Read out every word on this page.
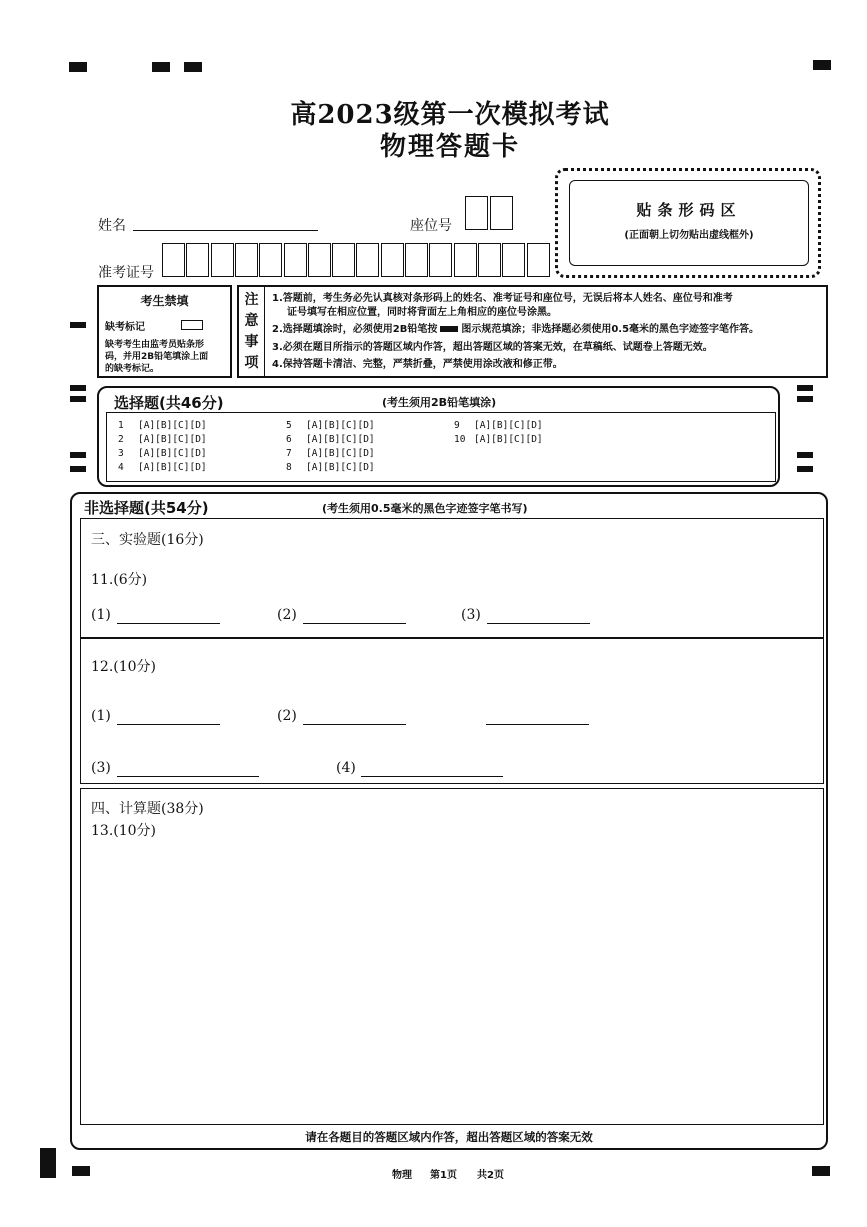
高2023级第一次模拟考试
物理答题卡
姓名	座位号
准考证号
贴条形码区
(正面朝上切勿贴出虚线框外)
考生禁填
缺考标记
缺考考生由监考员贴条形
码，并用2B铅笔填涂上面
的缺考标记。
注
意
事
项
1.答题前，考生务必先认真核对条形码上的姓名、准考证号和座位号，无误后将本人姓名、座位号和准考
证号填写在相应位置，同时将背面左上角相应的座位号涂黑。
2.选择题填涂时，必须使用2B铅笔按 图示规范填涂；非选择题必须使用0.5毫米的黑色字迹签字笔作答。
3.必须在题目所指示的答题区域内作答，超出答题区域的答案无效，在草稿纸、试题卷上答题无效。
4.保持答题卡清洁、完整，严禁折叠，严禁使用涂改液和修正带。
选择题(共46分)	(考生须用2B铅笔填涂)
1 [A][B][C][D]
2 [A][B][C][D]
3 [A][B][C][D]
4 [A][B][C][D]
5 [A][B][C][D]
6 [A][B][C][D]
7 [A][B][C][D]
8 [A][B][C][D]
9 [A][B][C][D]
10 [A][B][C][D]
非选择题(共54分)	(考生须用0.5毫米的黑色字迹签字笔书写)
三、实验题(16分)
11.(6分)
(1)	(2)	(3)
12.(10分)
(1)	(2)
(3)	(4)
四、计算题(38分)
13.(10分)
请在各题目的答题区域内作答，超出答题区域的答案无效
物理 第1页 共2页
